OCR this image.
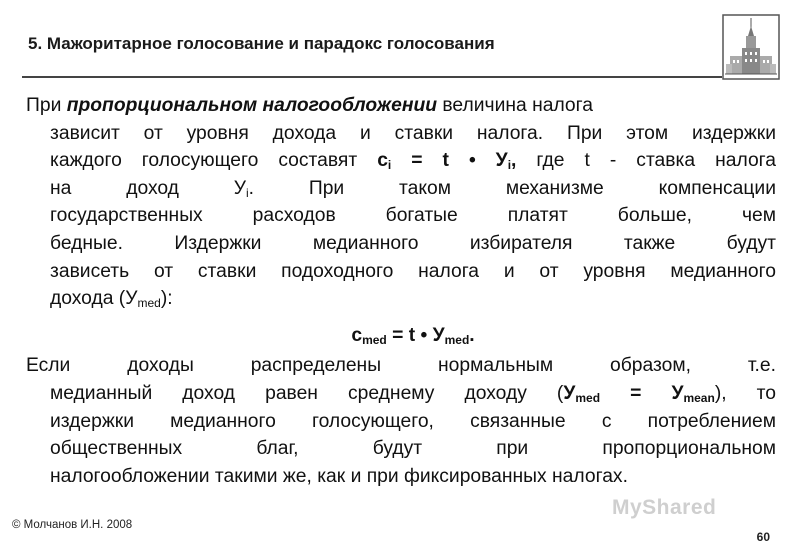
5. Мажоритарное голосование и парадокс голосования

При пропорциональном налогообложении величина налога

зависит от уровня дохода и ставки налога. При этом издержки

каждого голосующего составят $c_i = t$ • $У_i$, где t - ставка налога

на доход $У_i$. При таком механизме компенсации

государственных расходов богатые платят больше, чем

бедные. Издержки медианного избирателя также будут

зависеть от ставки подоходного налога и от уровня медианного

дохода $(У_{med})$:

$c_{med} = t$ • $У_{med}$.

Если доходы распределены нормальным образом, т.е.

медианный доход равен среднему доходу $(У_{med} = У_{mean})$, то

издержки медианного голосующего, связанные с потреблением

общественных благ, будут при пропорциональном

налогообложении такими же, как и при фиксированных налогах.

MyShared
© Молчанов И.Н. 2008
60
